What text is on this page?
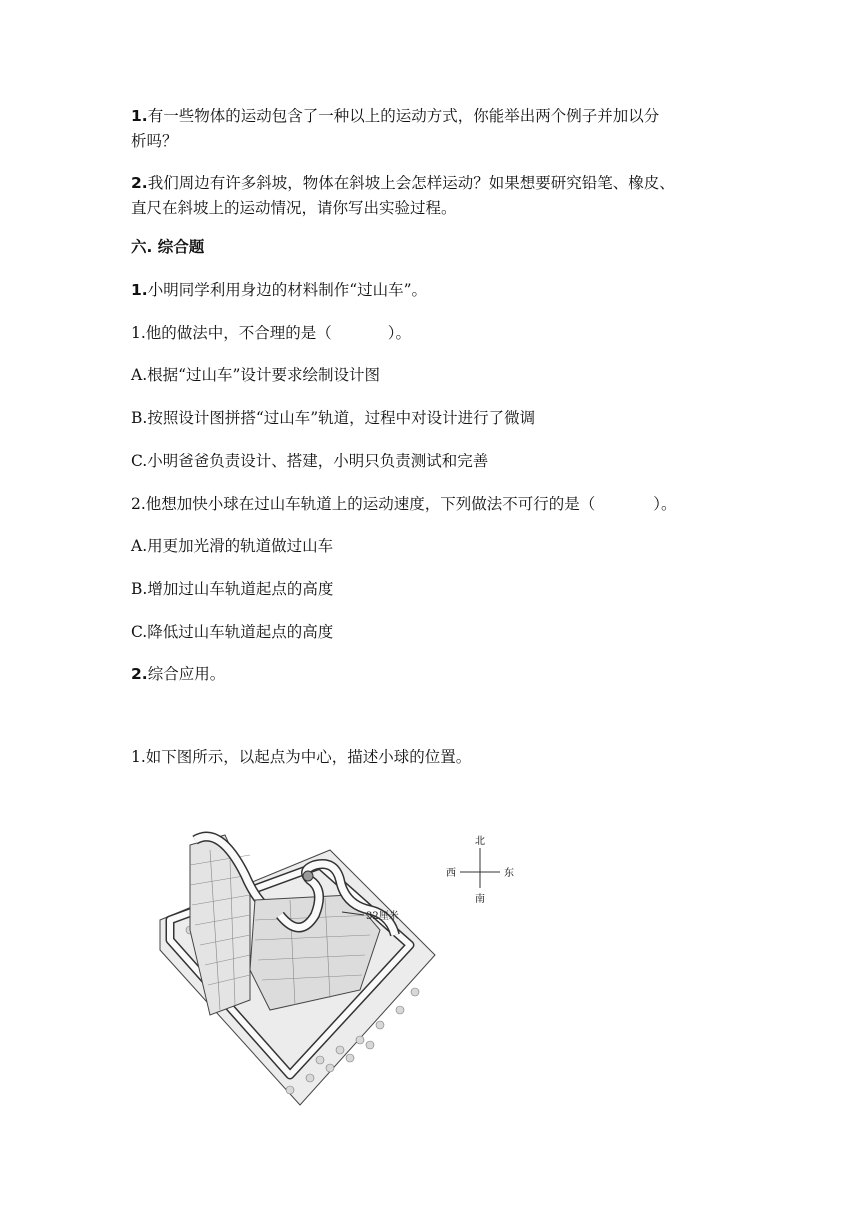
1.有一些物体的运动包含了一种以上的运动方式，你能举出两个例子并加以分
析吗？
2.我们周边有许多斜坡，物体在斜坡上会怎样运动？如果想要研究铅笔、橡皮、
直尺在斜坡上的运动情况，请你写出实验过程。
六. 综合题
1.小明同学利用身边的材料制作“过山车”。
1.他的做法中，不合理的是（	）。
A.根据“过山车”设计要求绘制设计图
B.按照设计图拼搭“过山车”轨道，过程中对设计进行了微调
C.小明爸爸负责设计、搭建，小明只负责测试和完善
2.他想加快小球在过山车轨道上的运动速度，下列做法不可行的是（	）。
A.用更加光滑的轨道做过山车
B.增加过山车轨道起点的高度
C.降低过山车轨道起点的高度
2.综合应用。
1.如下图所示，以起点为中心，描述小球的位置。
32厘米
北
南
东
西
